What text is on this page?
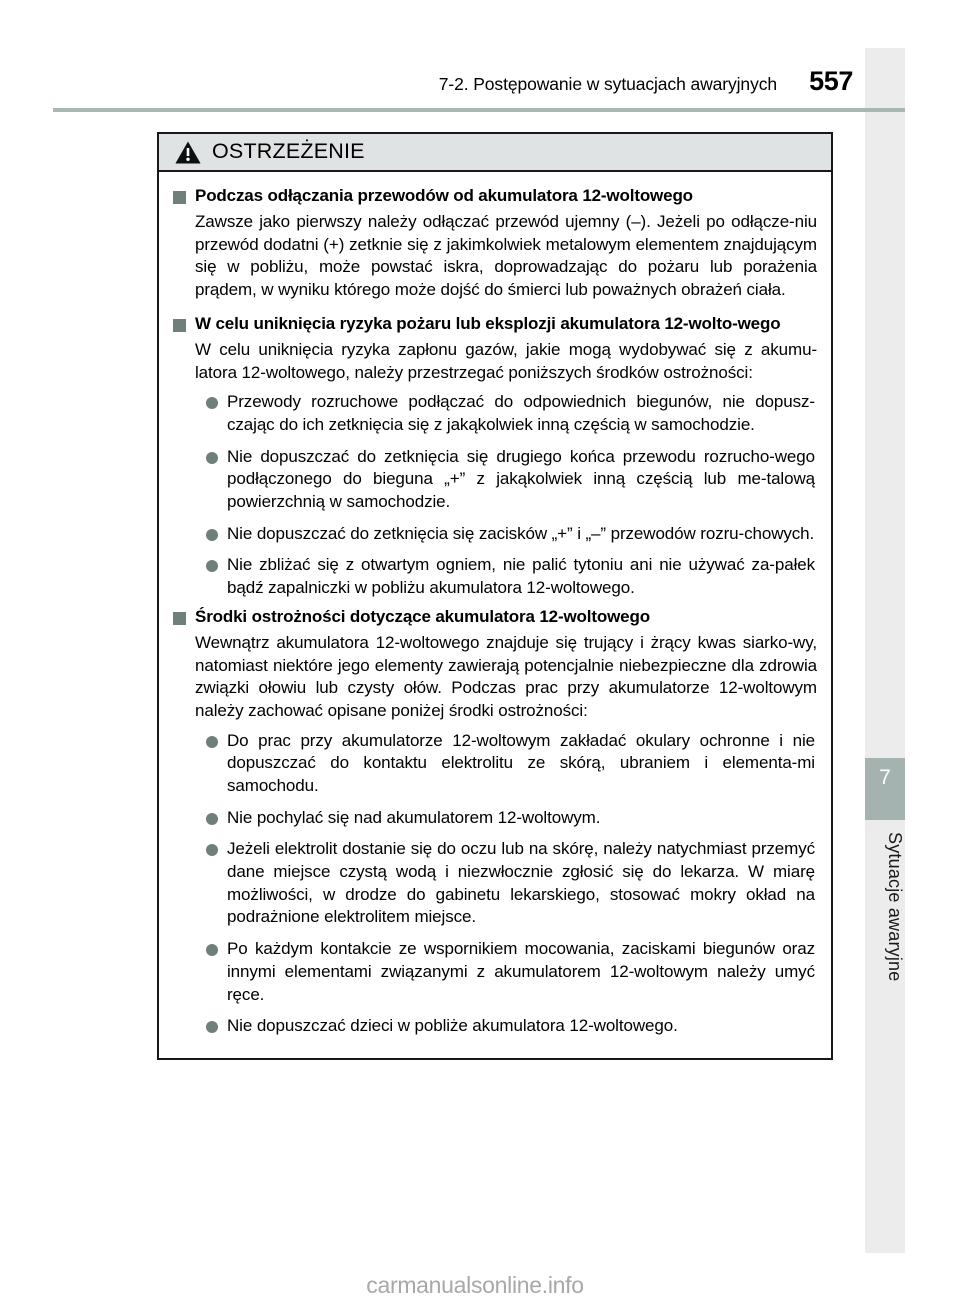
7
Sytuacje awaryjne
7-2. Postępowanie w sytuacjach awaryjnych 557
OSTRZEŻENIE
Podczas odłączania przewodów od akumulatora 12-woltowego

Zawsze jako pierwszy należy odłączać przewód ujemny (–). Jeżeli po odłącze-niu przewód dodatni (+) zetknie się z jakimkolwiek metalowym elementem znajdującym się w pobliżu, może powstać iskra, doprowadzając do pożaru lub porażenia prądem, w wyniku którego może dojść do śmierci lub poważnych obrażeń ciała.

W celu uniknięcia ryzyka pożaru lub eksplozji akumulatora 12-wolto-wego

W celu uniknięcia ryzyka zapłonu gazów, jakie mogą wydobywać się z akumu-latora 12-woltowego, należy przestrzegać poniższych środków ostrożności:

Przewody rozruchowe podłączać do odpowiednich biegunów, nie dopusz-czając do ich zetknięcia się z jakąkolwiek inną częścią w samochodzie.
Nie dopuszczać do zetknięcia się drugiego końca przewodu rozrucho-wego podłączonego do bieguna „+” z jakąkolwiek inną częścią lub me-talową powierzchnią w samochodzie.
Nie dopuszczać do zetknięcia się zacisków „+” i „–” przewodów rozru-chowych.
Nie zbliżać się z otwartym ogniem, nie palić tytoniu ani nie używać za-pałek bądź zapalniczki w pobliżu akumulatora 12-woltowego.
Środki ostrożności dotyczące akumulatora 12-woltowego

Wewnątrz akumulatora 12-woltowego znajduje się trujący i żrący kwas siarko-wy, natomiast niektóre jego elementy zawierają potencjalnie niebezpieczne dla zdrowia związki ołowiu lub czysty ołów. Podczas prac przy akumulatorze 12-woltowym należy zachować opisane poniżej środki ostrożności:

Do prac przy akumulatorze 12-woltowym zakładać okulary ochronne i nie dopuszczać do kontaktu elektrolitu ze skórą, ubraniem i elementa-mi samochodu.
Nie pochylać się nad akumulatorem 12-woltowym.
Jeżeli elektrolit dostanie się do oczu lub na skórę, należy natychmiast przemyć dane miejsce czystą wodą i niezwłocznie zgłosić się do lekarza. W miarę możliwości, w drodze do gabinetu lekarskiego, stosować mokry okład na podrażnione elektrolitem miejsce.
Po każdym kontakcie ze wspornikiem mocowania, zaciskami biegunów oraz innymi elementami związanymi z akumulatorem 12-woltowym należy umyć ręce.
Nie dopuszczać dzieci w pobliże akumulatora 12-woltowego.
carmanualsonline.info
